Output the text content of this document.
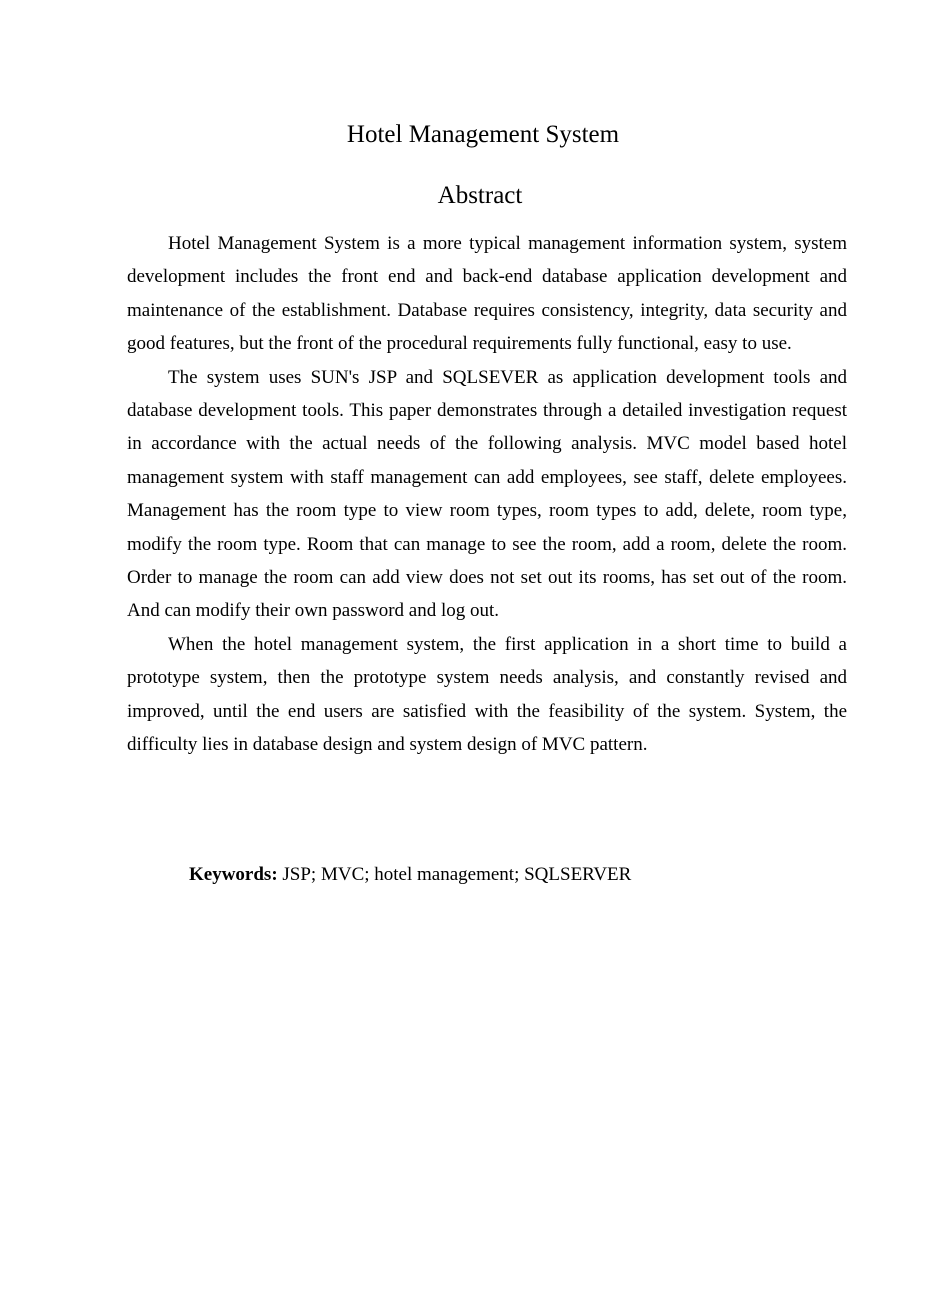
Hotel Management System
Abstract

Hotel Management System is a more typical management information system, system development includes the front end and back-end database application development and maintenance of the establishment. Database requires consistency, integrity, data security and good features, but the front of the procedural requirements fully functional, easy to use.

The system uses SUN's JSP and SQLSEVER as application development tools and database development tools. This paper demonstrates through a detailed investigation request in accordance with the actual needs of the following analysis. MVC model based hotel management system with staff management can add employees, see staff, delete employees. Management has the room type to view room types, room types to add, delete, room type, modify the room type. Room that can manage to see the room, add a room, delete the room. Order to manage the room can add view does not set out its rooms, has set out of the room. And can modify their own password and log out.

When the hotel management system, the first application in a short time to build a prototype system, then the prototype system needs analysis, and constantly revised and improved, until the end users are satisfied with the feasibility of the system. System, the difficulty lies in database design and system design of MVC pattern.

Keywords: JSP; MVC; hotel management; SQLSERVER
